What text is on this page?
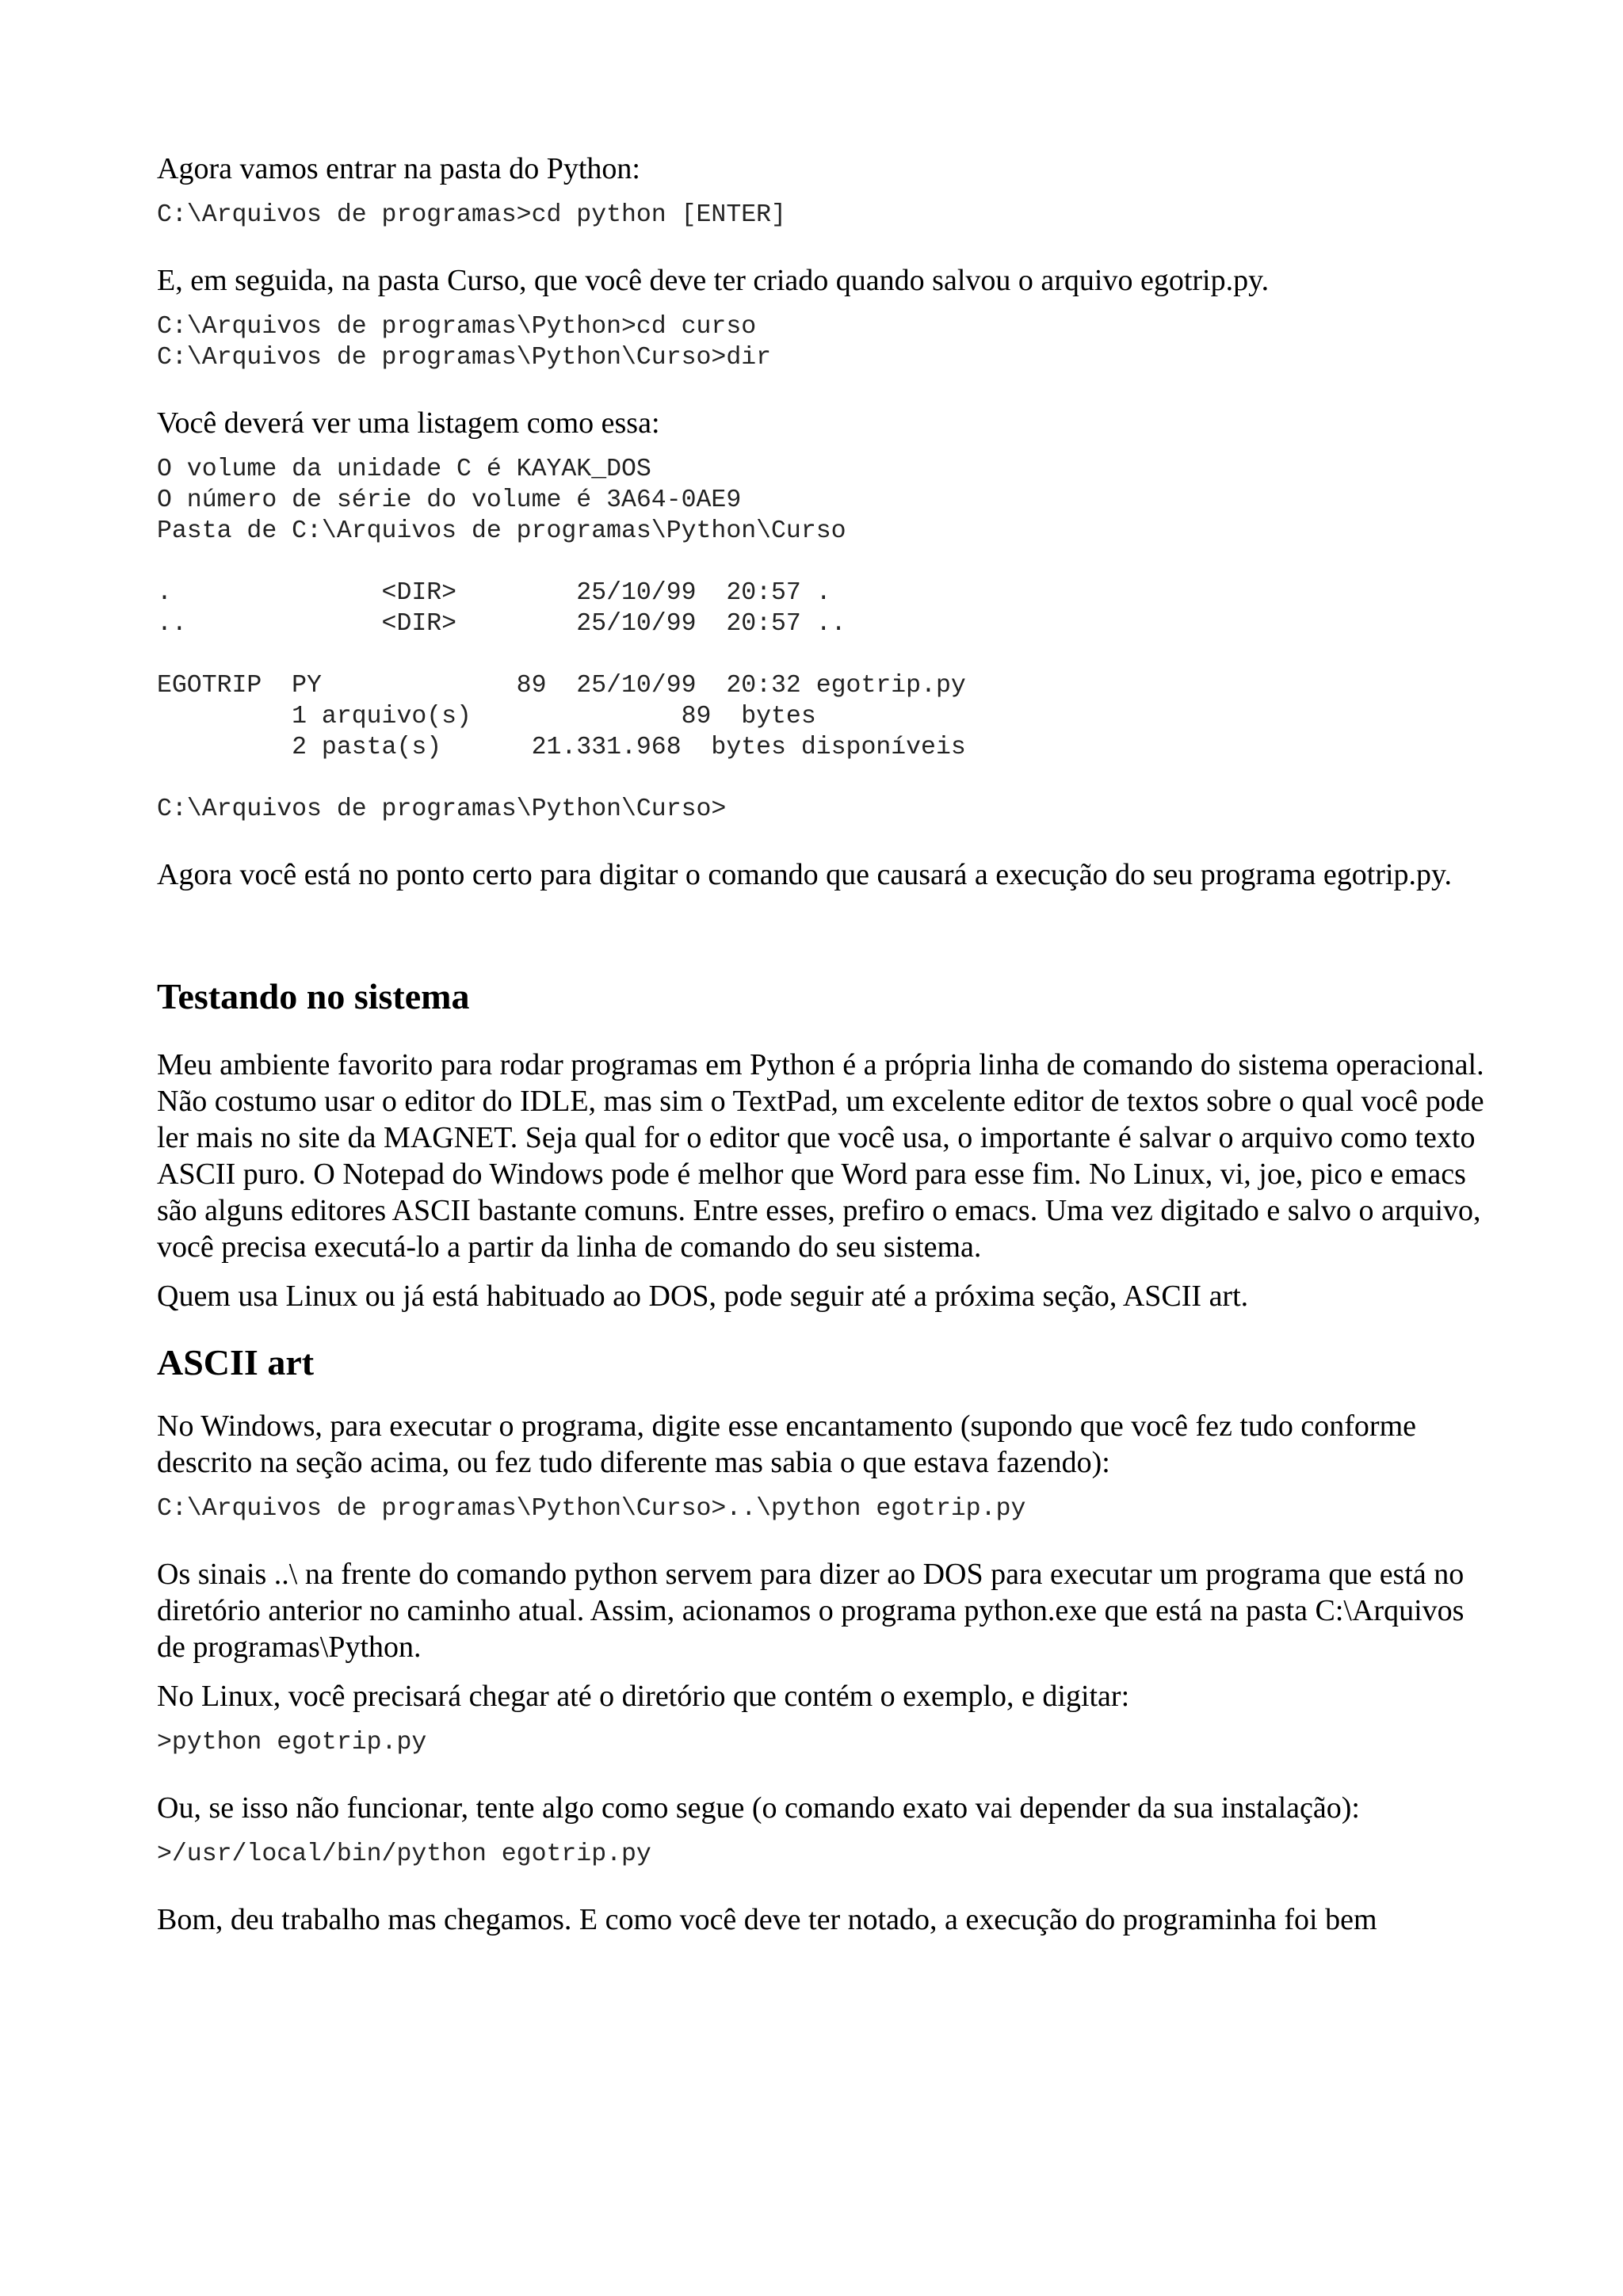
Agora vamos entrar na pasta do Python:

C:\Arquivos de programas>cd python [ENTER]

E, em seguida, na pasta Curso, que você deve ter criado quando salvou o arquivo egotrip.py.

C:\Arquivos de programas\Python>cd curso
C:\Arquivos de programas\Python\Curso>dir

Você deverá ver uma listagem como essa:

O volume da unidade C é KAYAK_DOS
O número de série do volume é 3A64-0AE9
Pasta de C:\Arquivos de programas\Python\Curso

.              <DIR>        25/10/99  20:57 .
..             <DIR>        25/10/99  20:57 ..

EGOTRIP  PY             89  25/10/99  20:32 egotrip.py
1 arquivo(s)              89  bytes
2 pasta(s)      21.331.968  bytes disponíveis

C:\Arquivos de programas\Python\Curso>

Agora você está no ponto certo para digitar o comando que causará a execução do seu programa egotrip.py.

Testando no sistema

Meu ambiente favorito para rodar programas em Python é a própria linha de comando do sistema operacional. Não costumo usar o editor do IDLE, mas sim o TextPad, um excelente editor de textos sobre o qual você pode ler mais no site da MAGNET. Seja qual for o editor que você usa, o importante é salvar o arquivo como texto ASCII puro. O Notepad do Windows pode é melhor que Word para esse fim. No Linux, vi, joe, pico e emacs são alguns editores ASCII bastante comuns. Entre esses, prefiro o emacs. Uma vez digitado e salvo o arquivo, você precisa executá-lo a partir da linha de comando do seu sistema.

Quem usa Linux ou já está habituado ao DOS, pode seguir até a próxima seção, ASCII art.

ASCII art

No Windows, para executar o programa, digite esse encantamento (supondo que você fez tudo conforme descrito na seção acima, ou fez tudo diferente mas sabia o que estava fazendo):

C:\Arquivos de programas\Python\Curso>..\python egotrip.py

Os sinais ..\ na frente do comando python servem para dizer ao DOS para executar um programa que está no diretório anterior no caminho atual. Assim, acionamos o programa python.exe que está na pasta C:\Arquivos de programas\Python.

No Linux, você precisará chegar até o diretório que contém o exemplo, e digitar:

>python egotrip.py

Ou, se isso não funcionar, tente algo como segue (o comando exato vai depender da sua instalação):

>/usr/local/bin/python egotrip.py

Bom, deu trabalho mas chegamos. E como você deve ter notado, a execução do programinha foi bem
